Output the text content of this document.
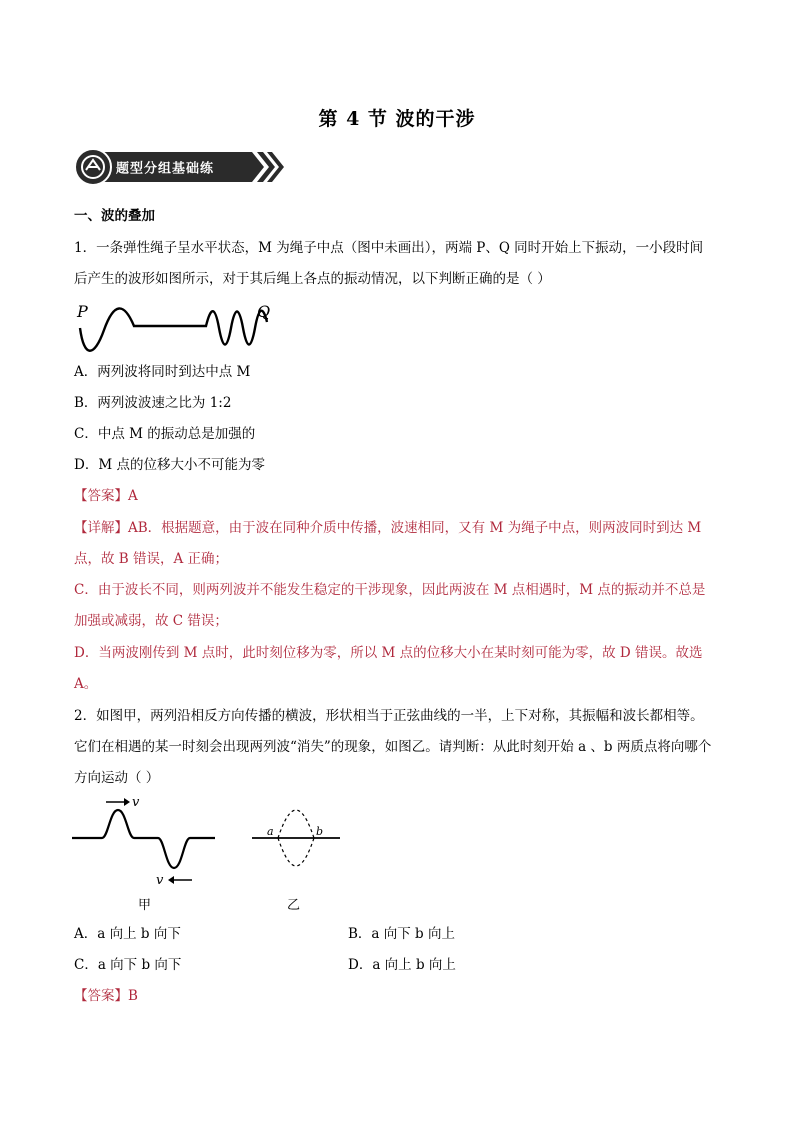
第 4 节 波的干涉
题型分组基础练
一、波的叠加
1．一条弹性绳子呈水平状态，M 为绳子中点（图中未画出），两端 P、Q 同时开始上下振动，一小段时间
后产生的波形如图所示，对于其后绳上各点的振动情况，以下判断正确的是（ ）
P	Q
A．两列波将同时到达中点 M
B．两列波波速之比为 1:2
C．中点 M 的振动总是加强的
D．M 点的位移大小不可能为零
【答案】A
【详解】AB．根据题意，由于波在同种介质中传播，波速相同，又有 M 为绳子中点，则两波同时到达 M
点，故 B 错误，A 正确；
C．由于波长不同，则两列波并不能发生稳定的干涉现象，因此两波在 M 点相遇时，M 点的振动并不总是
加强或减弱，故 C 错误；
D．当两波刚传到 M 点时，此时刻位移为零，所以 M 点的位移大小在某时刻可能为零，故 D 错误。故选
A。
2．如图甲，两列沿相反方向传播的横波，形状相当于正弦曲线的一半，上下对称，其振幅和波长都相等。
它们在相遇的某一时刻会出现两列波“消失”的现象，如图乙。请判断：从此时刻开始 a 、b 两质点将向哪个
方向运动（ ）
v
v
甲
a	b
乙
A．a 向上 b 向下	B．a 向下 b 向上
C．a 向下 b 向下	D．a 向上 b 向上
【答案】B
